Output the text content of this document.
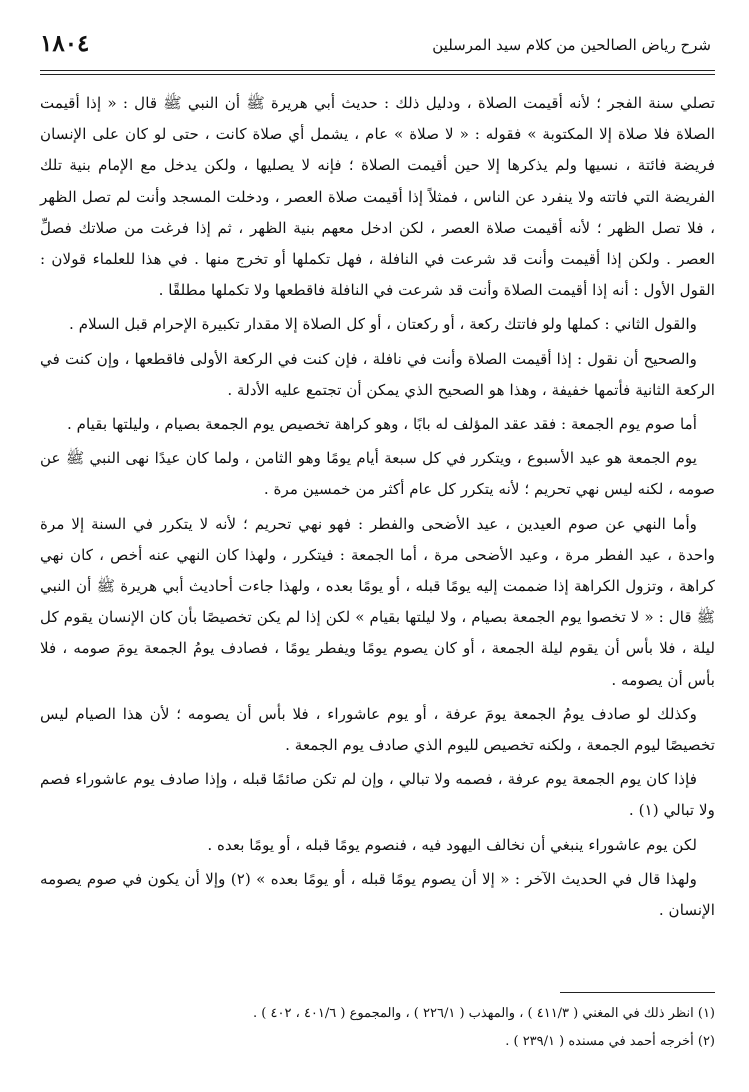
١٨٠٤	شرح رياض الصالحين من كلام سيد المرسلين

تصلي سنة الفجر ؛ لأنه أقيمت الصلاة ، ودليل ذلك : حديث أبي هريرة ﷺ أن النبي ﷺ قال : « إذا أقيمت الصلاة فلا صلاة إلا المكتوبة » فقوله : « لا صلاة » عام ، يشمل أي صلاة كانت ، حتى لو كان على الإنسان فريضة فائتة ، نسيها ولم يذكرها إلا حين أقيمت الصلاة ؛ فإنه لا يصليها ، ولكن يدخل مع الإمام بنية تلك الفريضة التي فاتته ولا ينفرد عن الناس ، فمثلاً إذا أقيمت صلاة العصر ، ودخلت المسجد وأنت لم تصل الظهر ، فلا تصل الظهر ؛ لأنه أقيمت صلاة العصر ، لكن ادخل معهم بنية الظهر ، ثم إذا فرغت من صلاتك فصلِّ العصر . ولكن إذا أقيمت وأنت قد شرعت في النافلة ، فهل تكملها أو تخرج منها . في هذا للعلماء قولان : القول الأول : أنه إذا أقيمت الصلاة وأنت قد شرعت في النافلة فاقطعها ولا تكملها مطلقًا .

والقول الثاني : كملها ولو فاتتك ركعة ، أو ركعتان ، أو كل الصلاة إلا مقدار تكبيرة الإحرام قبل السلام .

والصحيح أن نقول : إذا أقيمت الصلاة وأنت في نافلة ، فإن كنت في الركعة الأولى فاقطعها ، وإن كنت في الركعة الثانية فأتمها خفيفة ، وهذا هو الصحيح الذي يمكن أن تجتمع عليه الأدلة .

أما صوم يوم الجمعة : فقد عقد المؤلف له بابًا ، وهو كراهة تخصيص يوم الجمعة بصيام ، وليلتها بقيام .

يوم الجمعة هو عيد الأسبوع ، ويتكرر في كل سبعة أيام يومًا وهو الثامن ، ولما كان عيدًا نهى النبي ﷺ عن صومه ، لكنه ليس نهي تحريم ؛ لأنه يتكرر كل عام أكثر من خمسين مرة .

وأما النهي عن صوم العيدين ، عيد الأضحى والفطر : فهو نهي تحريم ؛ لأنه لا يتكرر في السنة إلا مرة واحدة ، عيد الفطر مرة ، وعيد الأضحى مرة ، أما الجمعة : فيتكرر ، ولهذا كان النهي عنه أخص ، كان نهي كراهة ، وتزول الكراهة إذا ضممت إليه يومًا قبله ، أو يومًا بعده ، ولهذا جاءت أحاديث أبي هريرة ﷺ أن النبي ﷺ قال : « لا تخصوا يوم الجمعة بصيام ، ولا ليلتها بقيام » لكن إذا لم يكن تخصيصًا بأن كان الإنسان يقوم كل ليلة ، فلا بأس أن يقوم ليلة الجمعة ، أو كان يصوم يومًا ويفطر يومًا ، فصادف يومُ الجمعة يومَ صومه ، فلا بأس أن يصومه .

وكذلك لو صادف يومُ الجمعة يومَ عرفة ، أو يوم عاشوراء ، فلا بأس أن يصومه ؛ لأن هذا الصيام ليس تخصيصًا ليوم الجمعة ، ولكنه تخصيص لليوم الذي صادف يوم الجمعة .

فإذا كان يوم الجمعة يوم عرفة ، فصمه ولا تبالي ، وإن لم تكن صائمًا قبله ، وإذا صادف يوم عاشوراء فصم ولا تبالي (١) .

لكن يوم عاشوراء ينبغي أن نخالف اليهود فيه ، فنصوم يومًا قبله ، أو يومًا بعده .

ولهذا قال في الحديث الآخر : « إلا أن يصوم يومًا قبله ، أو يومًا بعده » (٢) وإلا أن يكون في صوم يصومه الإنسان .

(١) انظر ذلك في المغني ( ٤١١/٣ ) ، والمهذب ( ٢٢٦/١ ) ، والمجموع ( ٤٠١/٦ ، ٤٠٢ ) .
(٢) أخرجه أحمد في مسنده ( ٢٣٩/١ ) .
